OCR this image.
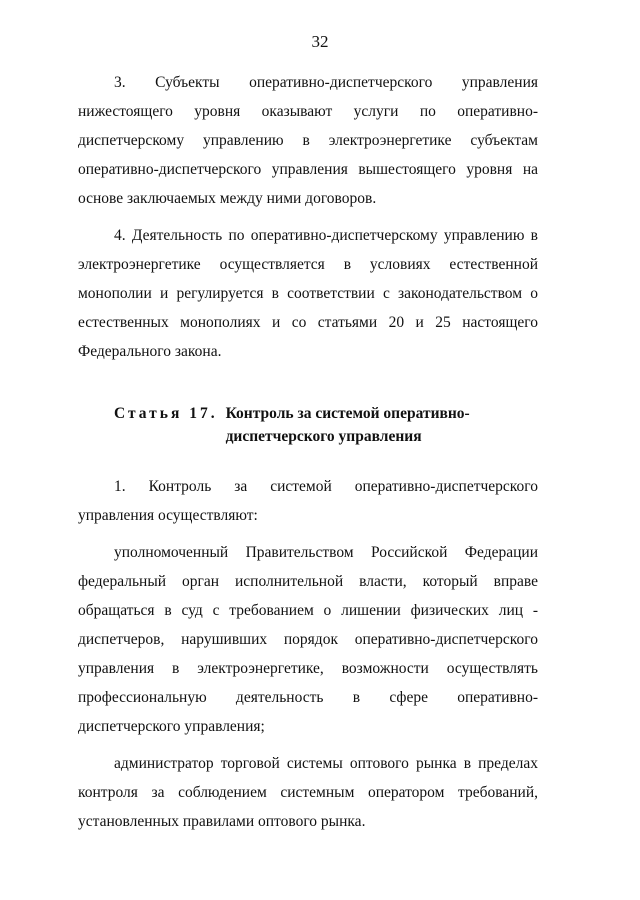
32

3. Субъекты оперативно-диспетчерского управления нижестоящего уровня оказывают услуги по оперативно-диспетчерскому управлению в электроэнергетике субъектам оперативно-диспетчерского управления вышестоящего уровня на основе заключаемых между ними договоров.

4. Деятельность по оперативно-диспетчерскому управлению в электроэнергетике осуществляется в условиях естественной монополии и регулируется в соответствии с законодательством о естественных монополиях и со статьями 20 и 25 настоящего Федерального закона.

Статья 17. Контроль за системой оперативно-диспетчерского управления

1. Контроль за системой оперативно-диспетчерского управления осуществляют:

уполномоченный Правительством Российской Федерации федеральный орган исполнительной власти, который вправе обращаться в суд с требованием о лишении физических лиц - диспетчеров, нарушивших порядок оперативно-диспетчерского управления в электроэнергетике, возможности осуществлять профессиональную деятельность в сфере оперативно-диспетчерского управления;

администратор торговой системы оптового рынка в пределах контроля за соблюдением системным оператором требований, установленных правилами оптового рынка.
